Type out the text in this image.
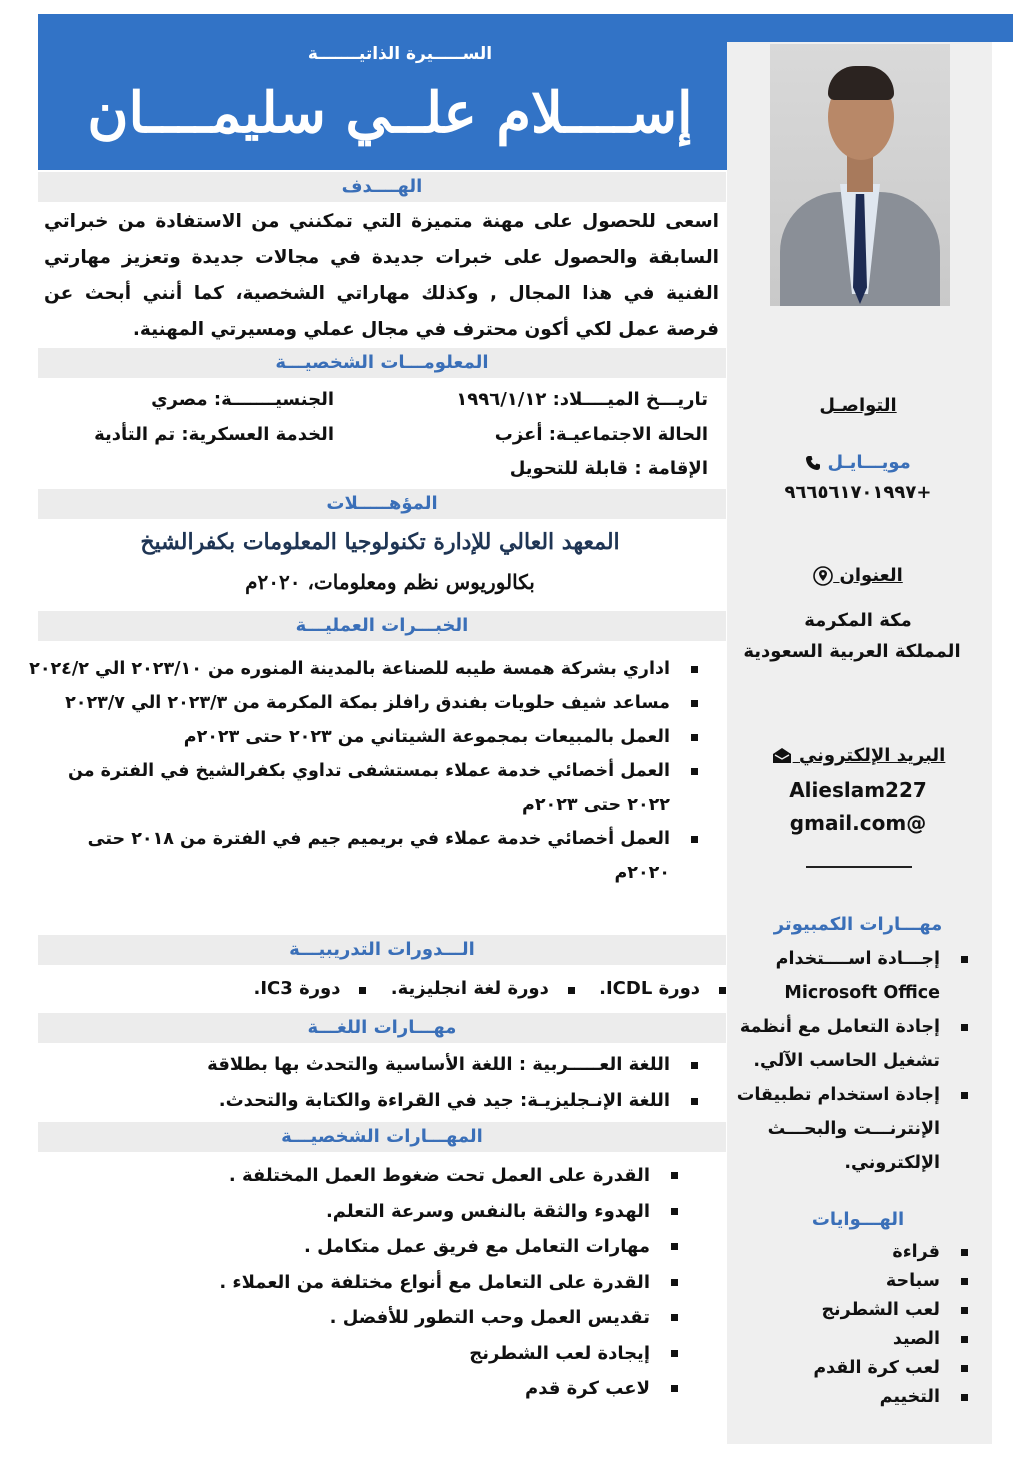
الســـــيرة الذاتيـــــــة
إســــلام علــي سليمــــان
الهــــدف
اسعى للحصول على مهنة متميزة التي تمكنني من الاستفادة من خبراتي السابقة والحصول على خبرات جديدة في مجالات جديدة وتعزيز مهارتي الفنية في هذا المجال , وكذلك مهاراتي الشخصية، كما أنني أبحث عن فرصة عمل لكي أكون محترف في مجال عملي ومسيرتي المهنية.
المعلومـــات الشخصيـــة
تاريـــخ الميــــلاد: ١٩٩٦/١/١٢
الجنسيـــــــة: مصري
الحالة الاجتماعيـة: أعزب
الخدمة العسكرية: تم التأدية
الإقامة : قابلة للتحويل
المؤهـــــلات
المعهد العالي للإدارة تكنولوجيا المعلومات بكفرالشيخ
بكالوريوس نظم ومعلومات، ٢٠٢٠م
الخبـــرات العمليـــة
اداري بشركة همسة طيبه للصناعة بالمدينة المنوره من ٢٠٢٣/١٠ الي ٢٠٢٤/٢
مساعد شيف حلويات بفندق رافلز بمكة المكرمة من ٢٠٢٣/٣ الي ٢٠٢٣/٧
العمل بالمبيعات بمجموعة الشيتاني من ٢٠٢٣ حتى ٢٠٢٣م
العمل أخصائي خدمة عملاء بمستشفى تداوي بكفرالشيخ في الفترة من ٢٠٢٢ حتى ٢٠٢٣م
العمل أخصائي خدمة عملاء في بريميم جيم في الفترة من ٢٠١٨ حتى ٢٠٢٠م
الـــدورات التدريبيـــة
دورة ICDL. دورة لغة انجليزية. دورة IC3.
مهـــارات اللغـــة
اللغة العـــــربية : اللغة الأساسية والتحدث بها بطلاقة
اللغة الإنـجليزيـة: جيد في القراءة والكتابة والتحدث.
المهـــارات الشخصيـــة
القدرة على العمل تحت ضغوط العمل المختلفة .
الهدوء والثقة بالنفس وسرعة التعلم.
مهارات التعامل مع فريق عمل متكامل .
القدرة على التعامل مع أنواع مختلفة من العملاء .
تقديس العمل وحب التطور للأفضل .
إيجادة لعب الشطرنج
لاعب كرة قدم
التواصـل
مويـــايـل
+٩٦٦٥٦١٧٠١٩٩٧
العنوان
مكة المكرمة
المملكة العربية السعودية
البريد الإلكتروني
Alieslam227
@gmail.com
مهـــارات الكمبيوتر
إجـــادة اســــتخدام Microsoft Office
إجادة التعامل مع أنظمة تشغيل الحاسب الآلي.
إجادة استخدام تطبيقات الإنترنـــت والبحـــث الإلكتروني.
الهـــوايات
قراءة
سباحة
لعب الشطرنج
الصيد
لعب كرة القدم
التخييم
